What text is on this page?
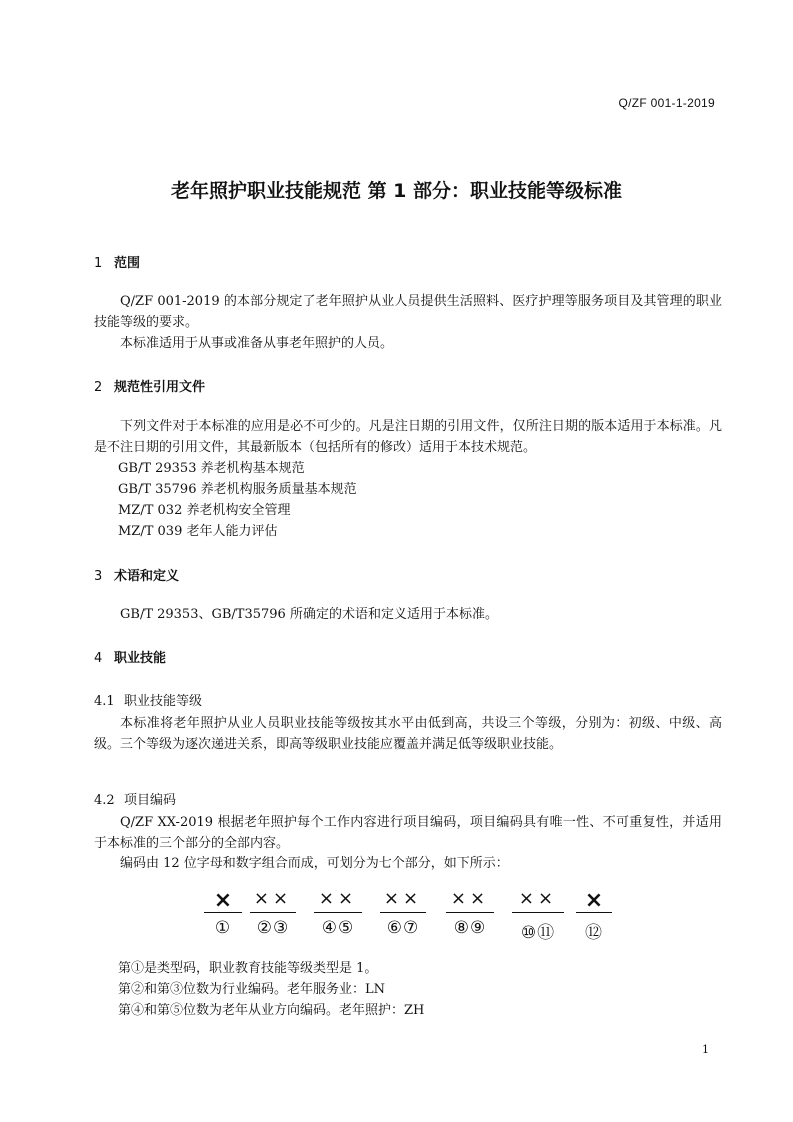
Q/ZF 001-1-2019
老年照护职业技能规范 第 1 部分：职业技能等级标准
1 范围
Q/ZF 001-2019 的本部分规定了老年照护从业人员提供生活照料、医疗护理等服务项目及其管理的职业技能等级的要求。
本标准适用于从事或准备从事老年照护的人员。
2 规范性引用文件
下列文件对于本标准的应用是必不可少的。凡是注日期的引用文件，仅所注日期的版本适用于本标准。凡是不注日期的引用文件，其最新版本（包括所有的修改）适用于本技术规范。
GB/T 29353 养老机构基本规范
GB/T 35796 养老机构服务质量基本规范
MZ/T 032 养老机构安全管理
MZ/T 039 老年人能力评估
3 术语和定义
GB/T 29353、GB/T35796 所确定的术语和定义适用于本标准。
4 职业技能
4.1 职业技能等级
本标准将老年照护从业人员职业技能等级按其水平由低到高，共设三个等级，分别为：初级、中级、高级。三个等级为逐次递进关系，即高等级职业技能应覆盖并满足低等级职业技能。
4.2 项目编码
Q/ZF XX-2019 根据老年照护每个工作内容进行项目编码，项目编码具有唯一性、不可重复性，并适用于本标准的三个部分的全部内容。
编码由 12 位字母和数字组合而成，可划分为七个部分，如下所示：
×
①
××
②③
××
④⑤
××
⑥⑦
××
⑧⑨
××
⑩⑪
×
⑫
第①是类型码，职业教育技能等级类型是 1。
第②和第③位数为行业编码。老年服务业：LN
第④和第⑤位数为老年从业方向编码。老年照护：ZH
1
